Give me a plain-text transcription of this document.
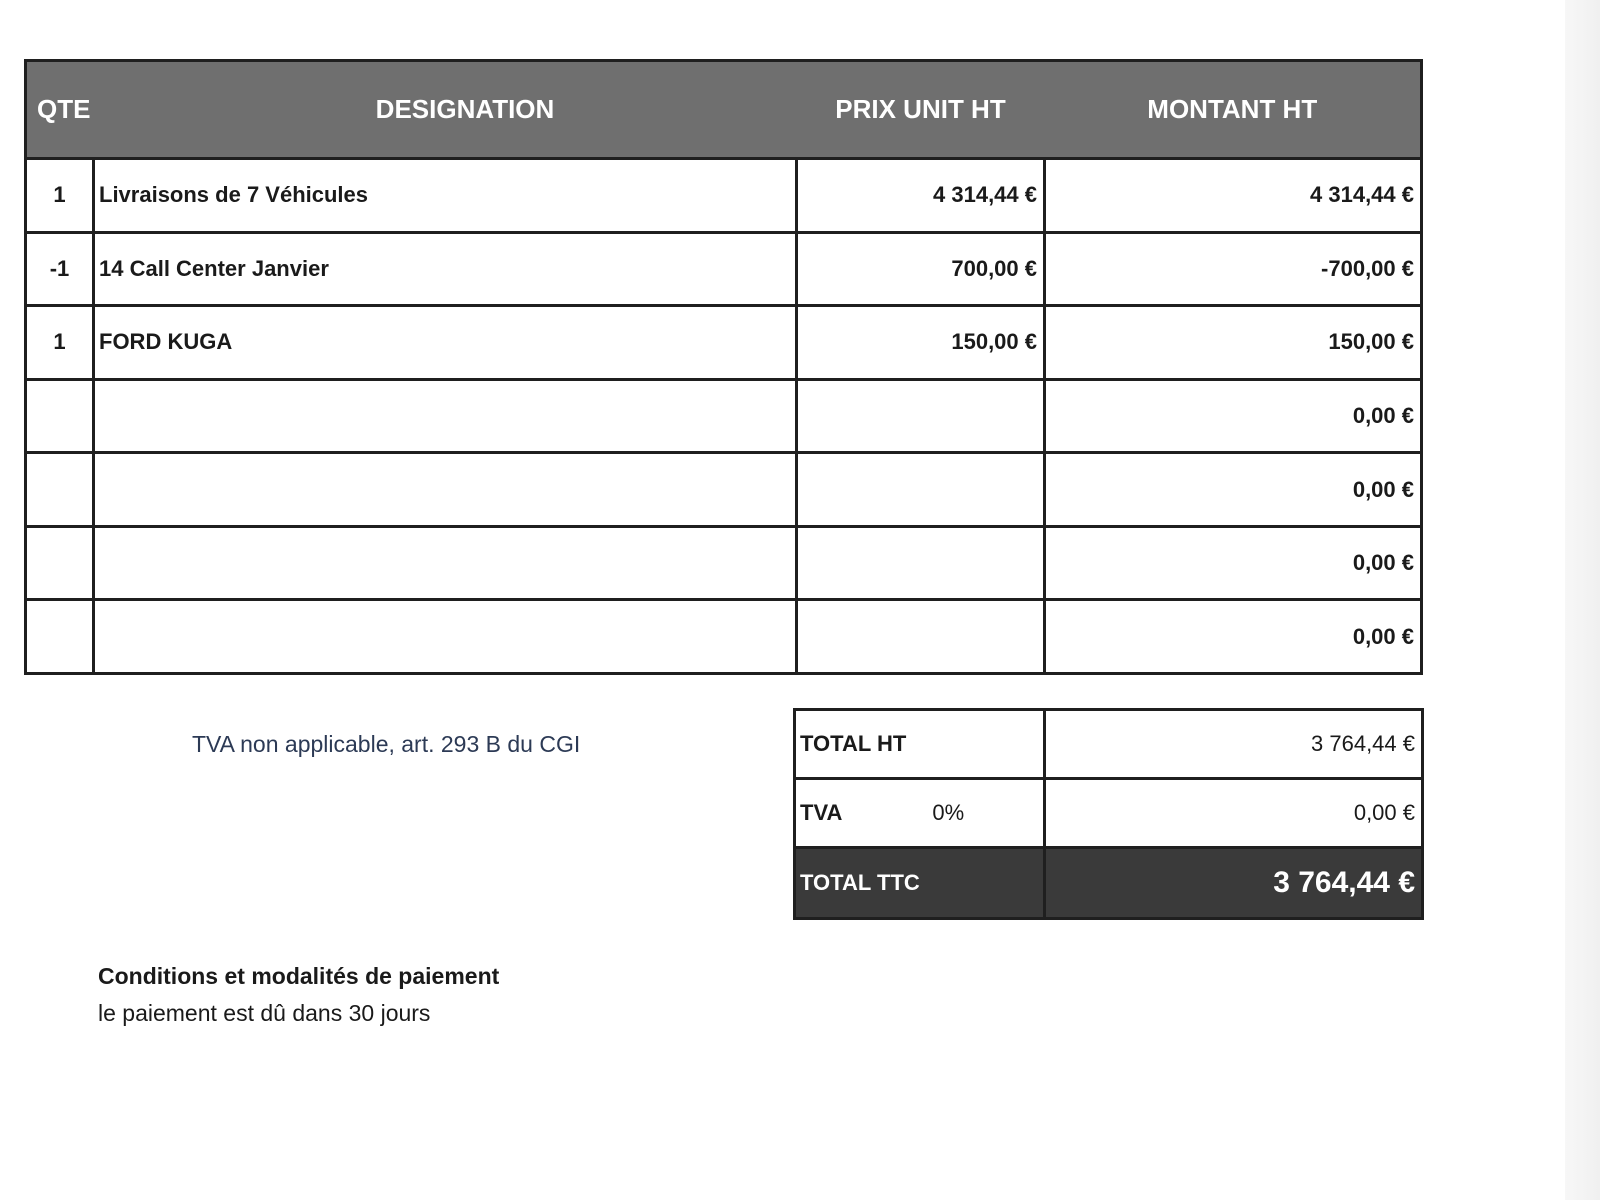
QTE	DESIGNATION	PRIX UNIT HT	MONTANT HT
1	Livraisons de 7 Véhicules	4 314,44 €	4 314,44 €
-1	14 Call Center Janvier	700,00 €	-700,00 €
1	FORD KUGA	150,00 €	150,00 €
			0,00 €
			0,00 €
			0,00 €
			0,00 €
TVA non applicable, art. 293 B du CGI	TOTAL HT	3 764,44 €
TVA 0%	0,00 €
TOTAL TTC	3 764,44 €
Conditions et modalités de paiement
le paiement est dû dans 30 jours
